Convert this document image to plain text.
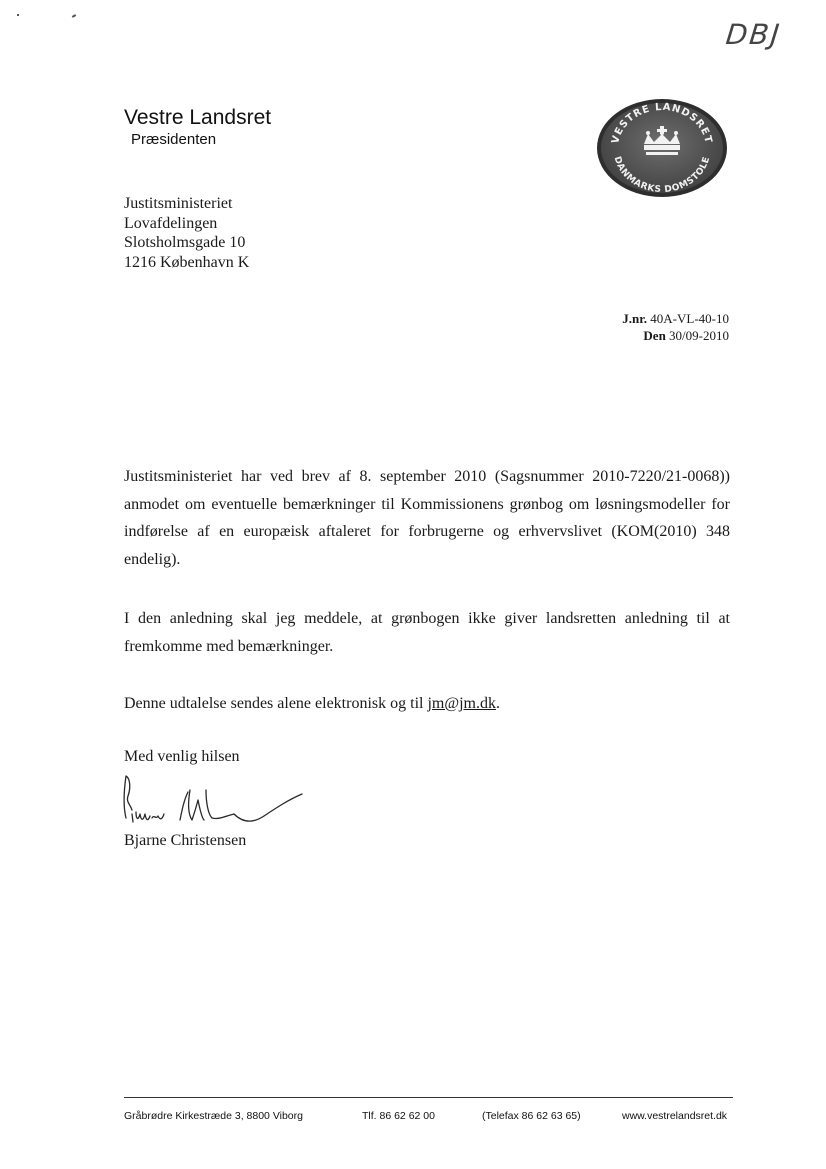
DBJ
Vestre Landsret
Præsidenten	VESTRE LANDSRET
DANMARKS DOMSTOLE
Justitsministeriet
Lovafdelingen
Slotsholmsgade 10
1216 København K
J.nr. 40A-VL-40-10
Den 30/09-2010
Justitsministeriet har ved brev af 8. september 2010 (Sagsnummer 2010-7220/21-0068)) anmodet om eventuelle bemærkninger til Kommissionens grønbog om løsningsmodeller for indførelse af en europæisk aftaleret for forbrugerne og erhvervslivet (KOM(2010) 348 endelig).
I den anledning skal jeg meddele, at grønbogen ikke giver landsretten anledning til at fremkomme med bemærkninger.
Denne udtalelse sendes alene elektronisk og til jm@jm.dk.
Med venlig hilsen
Bjarne Christensen
Gråbrødre Kirkestræde 3, 8800 Viborg	Tlf. 86 62 62 00	(Telefax 86 62 63 65)	www.vestrelandsret.dk
